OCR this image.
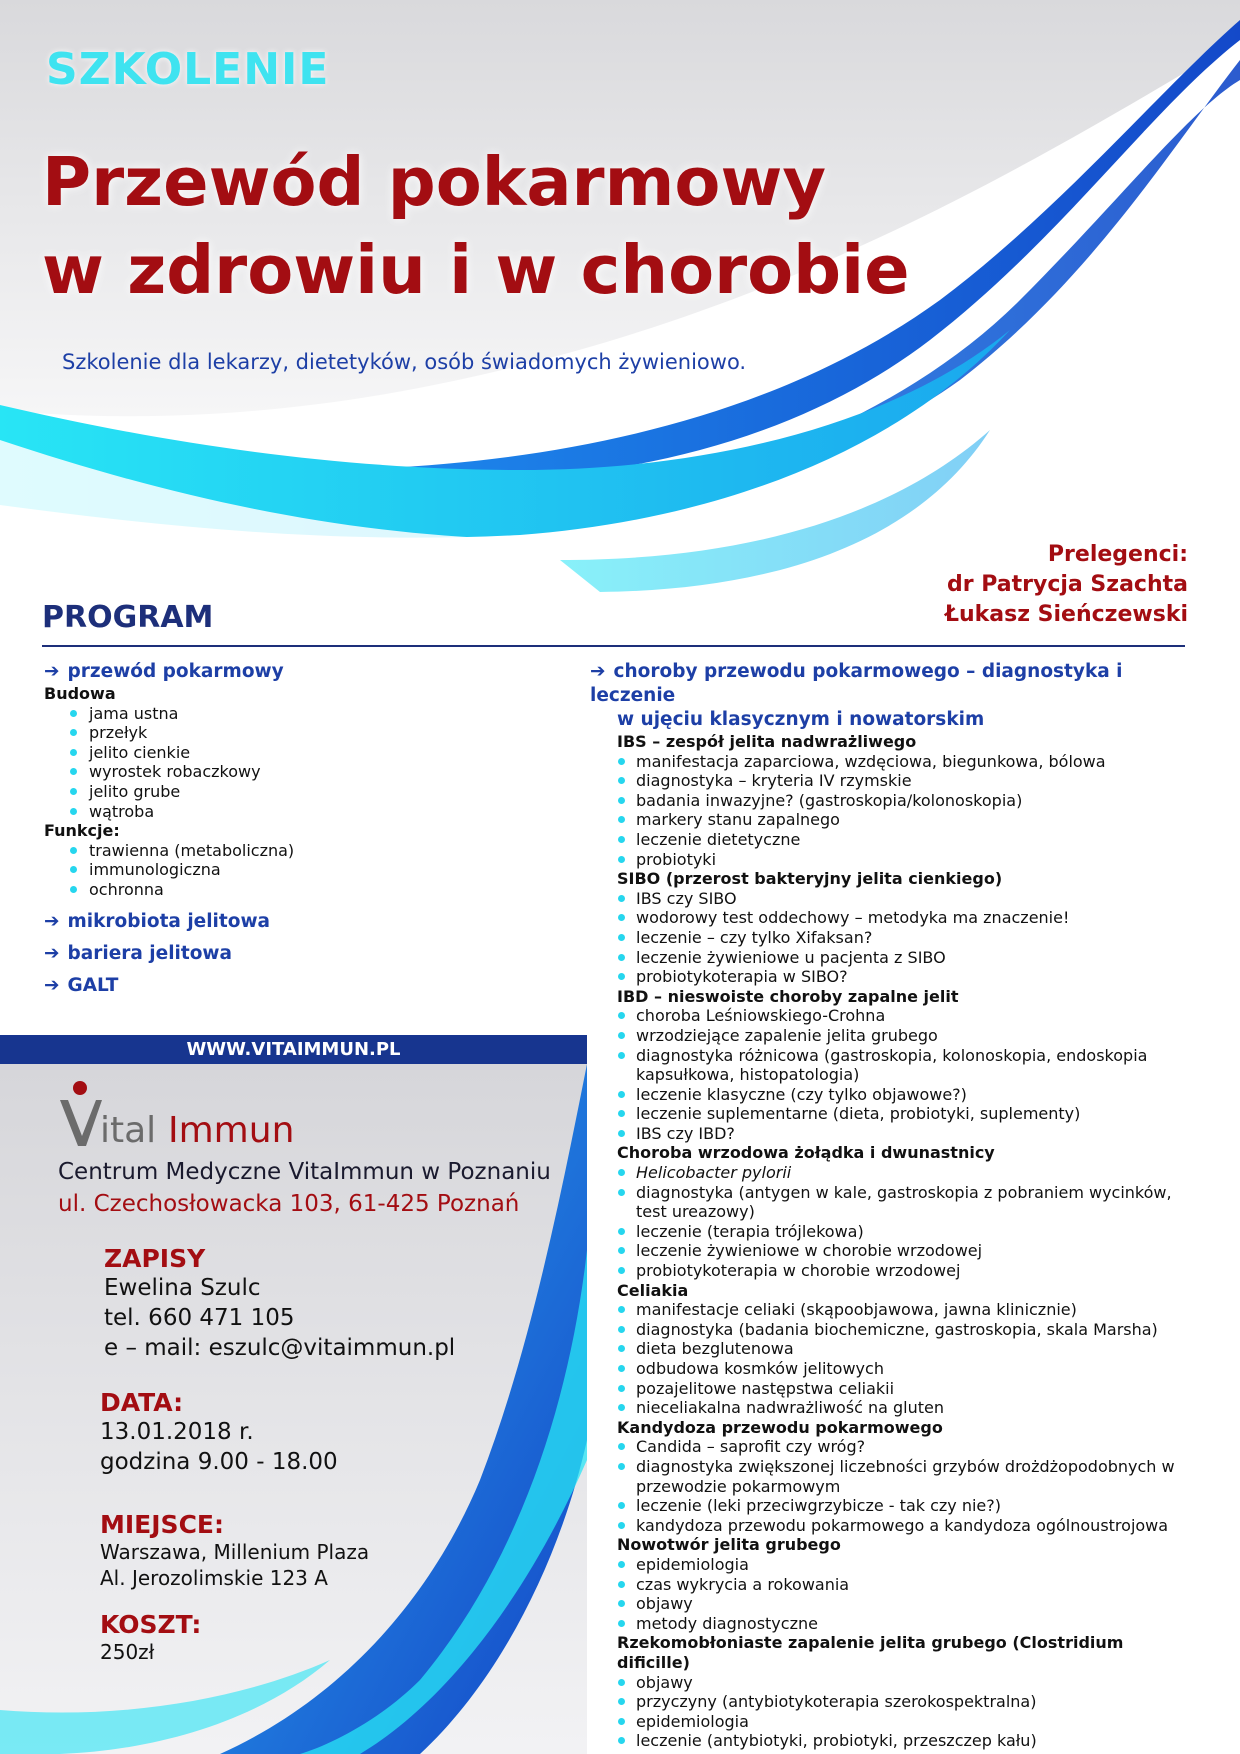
SZKOLENIE
Przewód pokarmowy
w zdrowiu i w chorobie
Szkolenie dla lekarzy, dietetyków, osób świadomych żywieniowo.
Prelegenci:
dr Patrycja Szachta
Łukasz Sieńczewski
PROGRAM
➔ przewód pokarmowy
Budowa
jama ustna
przełyk
jelito cienkie
wyrostek robaczkowy
jelito grube
wątroba
Funkcje:
trawienna (metaboliczna)
immunologiczna
ochronna
➔ mikrobiota jelitowa
➔ bariera jelitowa
➔ GALT
➔ choroby przewodu pokarmowego – diagnostyka i leczenie
w ujęciu klasycznym i nowatorskim
IBS – zespół jelita nadwrażliwego
manifestacja zaparciowa, wzdęciowa, biegunkowa, bólowa
diagnostyka – kryteria IV rzymskie
badania inwazyjne? (gastroskopia/kolonoskopia)
markery stanu zapalnego
leczenie dietetyczne
probiotyki
SIBO (przerost bakteryjny jelita cienkiego)
IBS czy SIBO
wodorowy test oddechowy – metodyka ma znaczenie!
leczenie – czy tylko Xifaksan?
leczenie żywieniowe u pacjenta z SIBO
probiotykoterapia w SIBO?
IBD – nieswoiste choroby zapalne jelit
choroba Leśniowskiego-Crohna
wrzodziejące zapalenie jelita grubego
diagnostyka różnicowa (gastroskopia, kolonoskopia, endoskopia kapsułkowa, histopatologia)
leczenie klasyczne (czy tylko objawowe?)
leczenie suplementarne (dieta, probiotyki, suplementy)
IBS czy IBD?
Choroba wrzodowa żołądka i dwunastnicy
Helicobacter pylorii
diagnostyka (antygen w kale, gastroskopia z pobraniem wycinków, test ureazowy)
leczenie (terapia trójlekowa)
leczenie żywieniowe w chorobie wrzodowej
probiotykoterapia w chorobie wrzodowej
Celiakia
manifestacje celiaki (skąpoobjawowa, jawna klinicznie)
diagnostyka (badania biochemiczne, gastroskopia, skala Marsha)
dieta bezglutenowa
odbudowa kosmków jelitowych
pozajelitowe następstwa celiakii
nieceliakalna nadwrażliwość na gluten
Kandydoza przewodu pokarmowego
Candida – saprofit czy wróg?
diagnostyka zwiększonej liczebności grzybów drożdżopodobnych w przewodzie pokarmowym
leczenie (leki przeciwgrzybicze - tak czy nie?)
kandydoza przewodu pokarmowego a kandydoza ogólnoustrojowa
Nowotwór jelita grubego
epidemiologia
czas wykrycia a rokowania
objawy
metody diagnostyczne
Rzekomobłoniaste zapalenie jelita grubego (Clostridium dificille)
objawy
przyczyny (antybiotykoterapia szerokospektralna)
epidemiologia
leczenie (antybiotyki, probiotyki, przeszczep kału)
WWW.VITAIMMUN.PL
ital Immun
Centrum Medyczne VitaImmun w Poznaniu
ul. Czechosłowacka 103, 61-425 Poznań
ZAPISY
Ewelina Szulc
tel. 660 471 105
e – mail: eszulc@vitaimmun.pl
DATA:
13.01.2018 r.
godzina 9.00 - 18.00
MIEJSCE:
Warszawa, Millenium Plaza
Al. Jerozolimskie 123 A
KOSZT:
250zł
